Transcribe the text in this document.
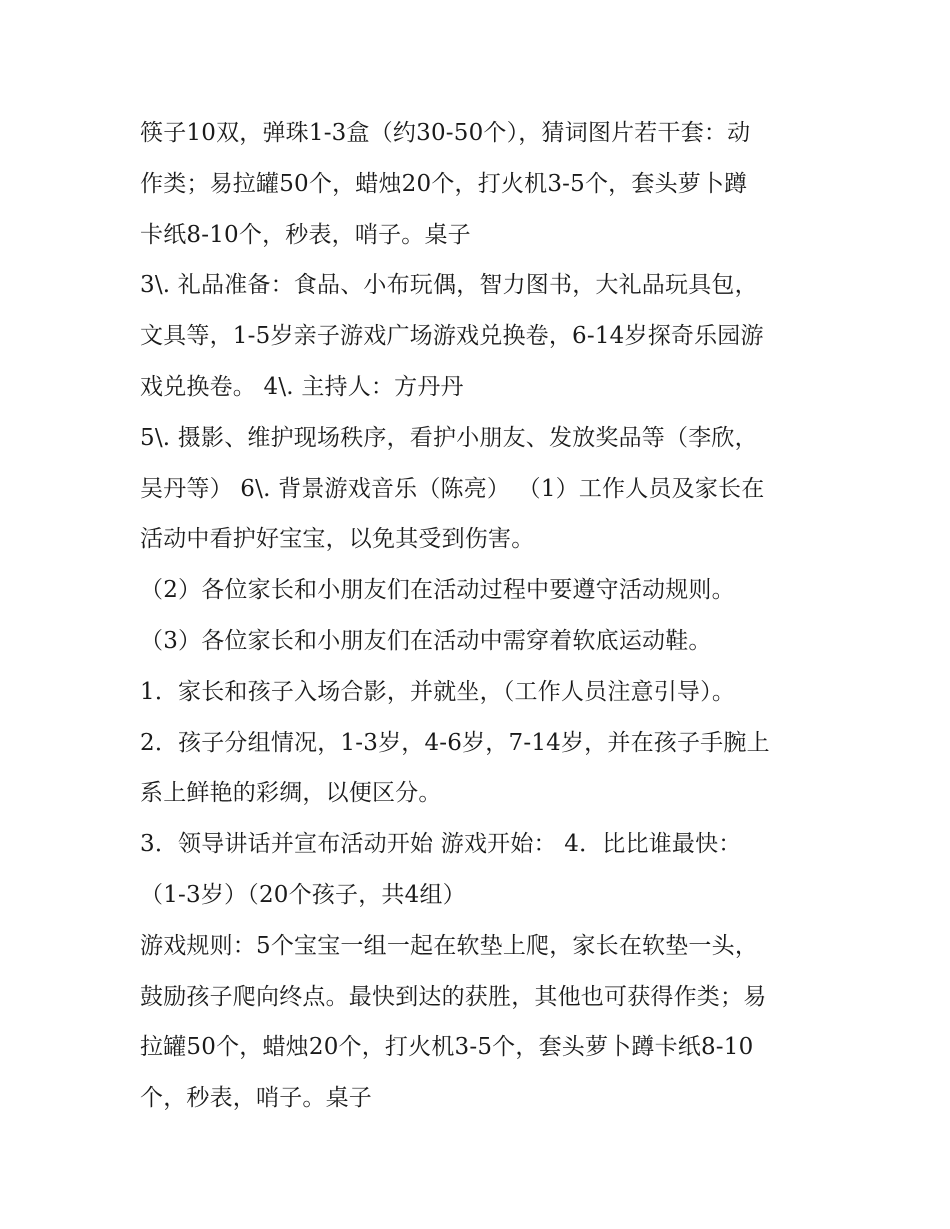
筷子10双，弹珠1-3盒（约30-50个），猜词图片若干套：动
作类；易拉罐50个，蜡烛20个，打火机3-5个，套头萝卜蹲
卡纸8-10个，秒表，哨子。桌子
3\. 礼品准备：食品、小布玩偶，智力图书，大礼品玩具包，
文具等，1-5岁亲子游戏广场游戏兑换卷，6-14岁探奇乐园游
戏兑换卷。 4\. 主持人：方丹丹
5\. 摄影、维护现场秩序，看护小朋友、发放奖品等（李欣，
吴丹等） 6\. 背景游戏音乐（陈亮） （1）工作人员及家长在
活动中看护好宝宝，以免其受到伤害。
（2）各位家长和小朋友们在活动过程中要遵守活动规则。
（3）各位家长和小朋友们在活动中需穿着软底运动鞋。
1．家长和孩子入场合影，并就坐，（工作人员注意引导）。
2．孩子分组情况，1-3岁，4-6岁，7-14岁，并在孩子手腕上
系上鲜艳的彩绸，以便区分。
3．领导讲话并宣布活动开始 游戏开始： 4．比比谁最快：
（1-3岁）（20个孩子，共4组）
游戏规则：5个宝宝一组一起在软垫上爬，家长在软垫一头，
鼓励孩子爬向终点。最快到达的获胜，其他也可获得作类；易
拉罐50个，蜡烛20个，打火机3-5个，套头萝卜蹲卡纸8-10
个，秒表，哨子。桌子
